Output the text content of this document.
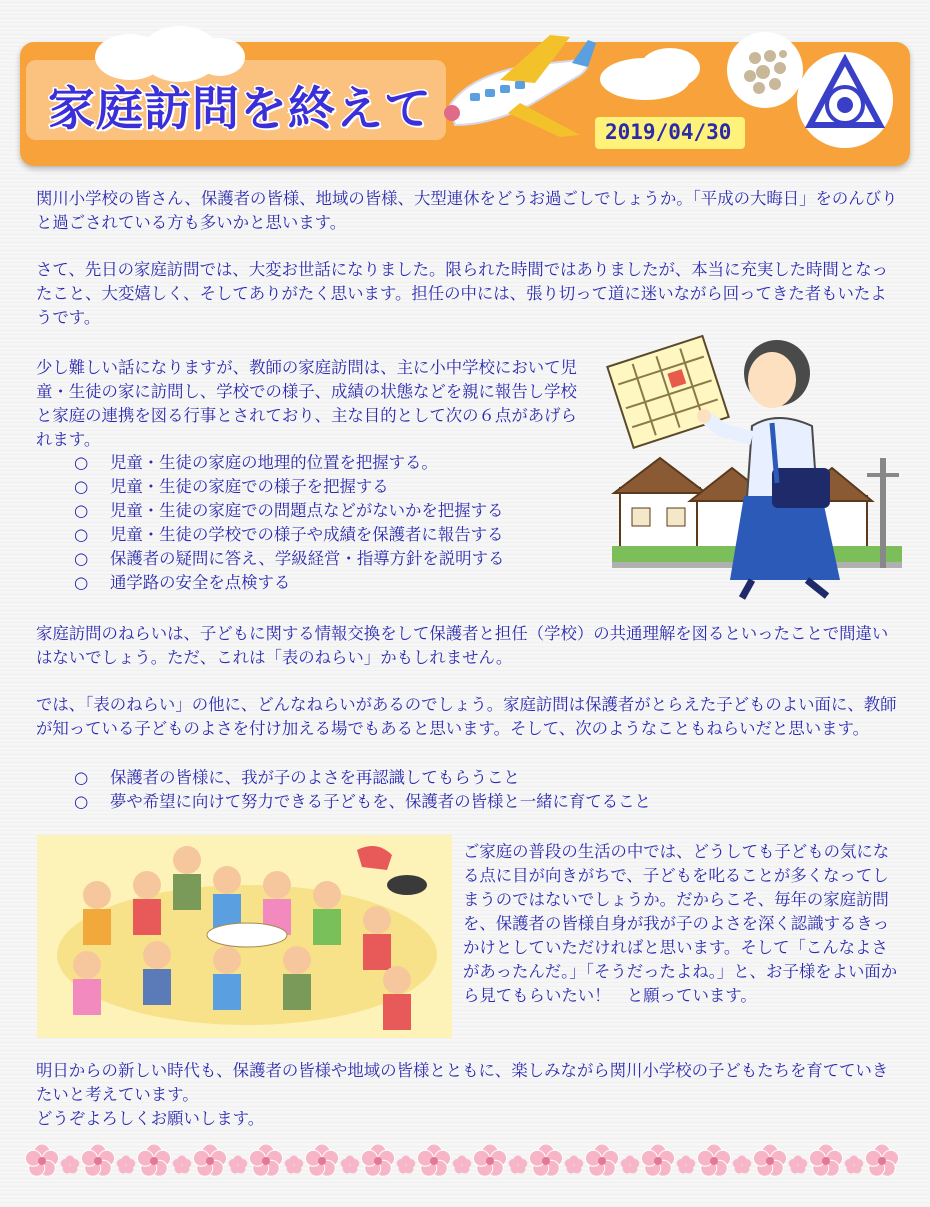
家庭訪問を終えて	2019/04/30

関川小学校の皆さん、保護者の皆様、地域の皆様、大型連休をどうお過ごしでしょうか。「平成の大晦日」をのんびりと過ごされている方も多いかと思います。

さて、先日の家庭訪問では、大変お世話になりました。限られた時間ではありましたが、本当に充実した時間となったこと、大変嬉しく、そしてありがたく思います。担任の中には、張り切って道に迷いながら回ってきた者もいたようです。

少し難しい話になりますが、教師の家庭訪問は、主に小中学校において児童・生徒の家に訪問し、学校での様子、成績の状態などを親に報告し学校と家庭の連携を図る行事とされており、主な目的として次の６点があげられます。

○ 児童・生徒の家庭の地理的位置を把握する。
○ 児童・生徒の家庭での様子を把握する
○ 児童・生徒の家庭での問題点などがないかを把握する
○ 児童・生徒の学校での様子や成績を保護者に報告する
○ 保護者の疑問に答え、学級経営・指導方針を説明する
○ 通学路の安全を点検する

家庭訪問のねらいは、子どもに関する情報交換をして保護者と担任（学校）の共通理解を図るといったことで間違いはないでしょう。ただ、これは「表のねらい」かもしれません。

では、「表のねらい」の他に、どんなねらいがあるのでしょう。家庭訪問は保護者がとらえた子どものよい面に、教師が知っている子どものよさを付け加える場でもあると思います。そして、次のようなこともねらいだと思います。

○ 保護者の皆様に、我が子のよさを再認識してもらうこと
○ 夢や希望に向けて努力できる子どもを、保護者の皆様と一緒に育てること

ご家庭の普段の生活の中では、どうしても子どもの気になる点に目が向きがちで、子どもを叱ることが多くなってしまうのではないでしょうか。だからこそ、毎年の家庭訪問を、保護者の皆様自身が我が子のよさを深く認識するきっかけとしていただければと思います。そして「こんなよさがあったんだ。」「そうだったよね。」と、お子様をよい面から見てもらいたい！　と願っています。

明日からの新しい時代も、保護者の皆様や地域の皆様とともに、楽しみながら関川小学校の子どもたちを育てていきたいと考えています。

どうぞよろしくお願いします。
